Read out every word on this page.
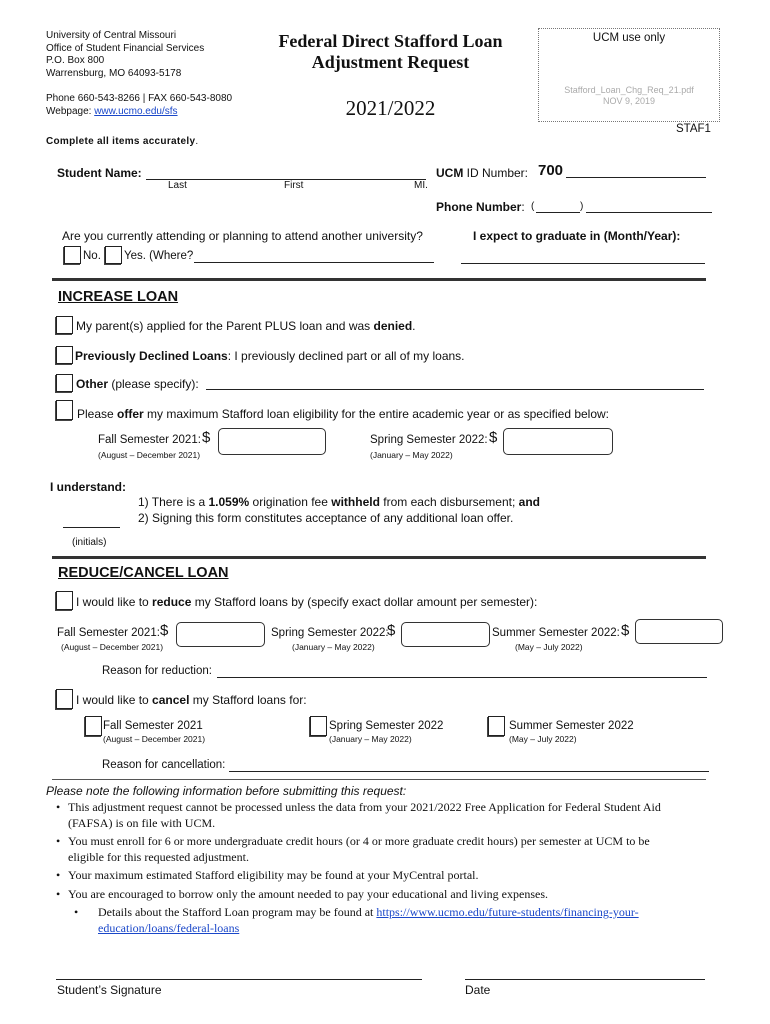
University of Central Missouri
Office of Student Financial Services
P.O. Box 800
Warrensburg, MO 64093-5178
Phone 660-543-8266 | FAX 660-543-8080
Webpage: www.ucmo.edu/sfs
Federal Direct Stafford Loan
Adjustment Request
2021/2022
UCM use only
Stafford_Loan_Chg_Req_21.pdf
NOV 9, 2019
STAF1
Complete all items accurately.
Student Name:
Last	First	MI.
UCM ID Number: 700
Phone Number: (	)
Are you currently attending or planning to attend another university?
No. Yes. (Where?
I expect to graduate in (Month/Year):
INCREASE LOAN
My parent(s) applied for the Parent PLUS loan and was denied.
Previously Declined Loans: I previously declined part or all of my loans.
Other (please specify):
Please offer my maximum Stafford loan eligibility for the entire academic year or as specified below:
Fall Semester 2021: $
(August – December 2021)
Spring Semester 2022: $
(January – May 2022)
I understand:
1) There is a 1.059% origination fee withheld from each disbursement; and
2) Signing this form constitutes acceptance of any additional loan offer.
(initials)
REDUCE/CANCEL LOAN
I would like to reduce my Stafford loans by (specify exact dollar amount per semester):
Fall Semester 2021: $
(August – December 2021)
Spring Semester 2022:
$
(January – May 2022)
Summer Semester 2022: $
(May – July 2022)
Reason for reduction:
I would like to cancel my Stafford loans for:
Fall Semester 2021
(August – December 2021)
Spring Semester 2022
(January – May 2022)
Summer Semester 2022
(May – July 2022)
Reason for cancellation:
Please note the following information before submitting this request:
• This adjustment request cannot be processed unless the data from your 2021/2022 Free Application for Federal Student Aid
(FAFSA) is on file with UCM.
• You must enroll for 6 or more undergraduate credit hours (or 4 or more graduate credit hours) per semester at UCM to be
eligible for this requested adjustment.
• Your maximum estimated Stafford eligibility may be found at your MyCentral portal.
• You are encouraged to borrow only the amount needed to pay your educational and living expenses.
•	Details about the Stafford Loan program may be found at https://www.ucmo.edu/future-students/financing-your-
education/loans/federal-loans
Student’s Signature	Date
